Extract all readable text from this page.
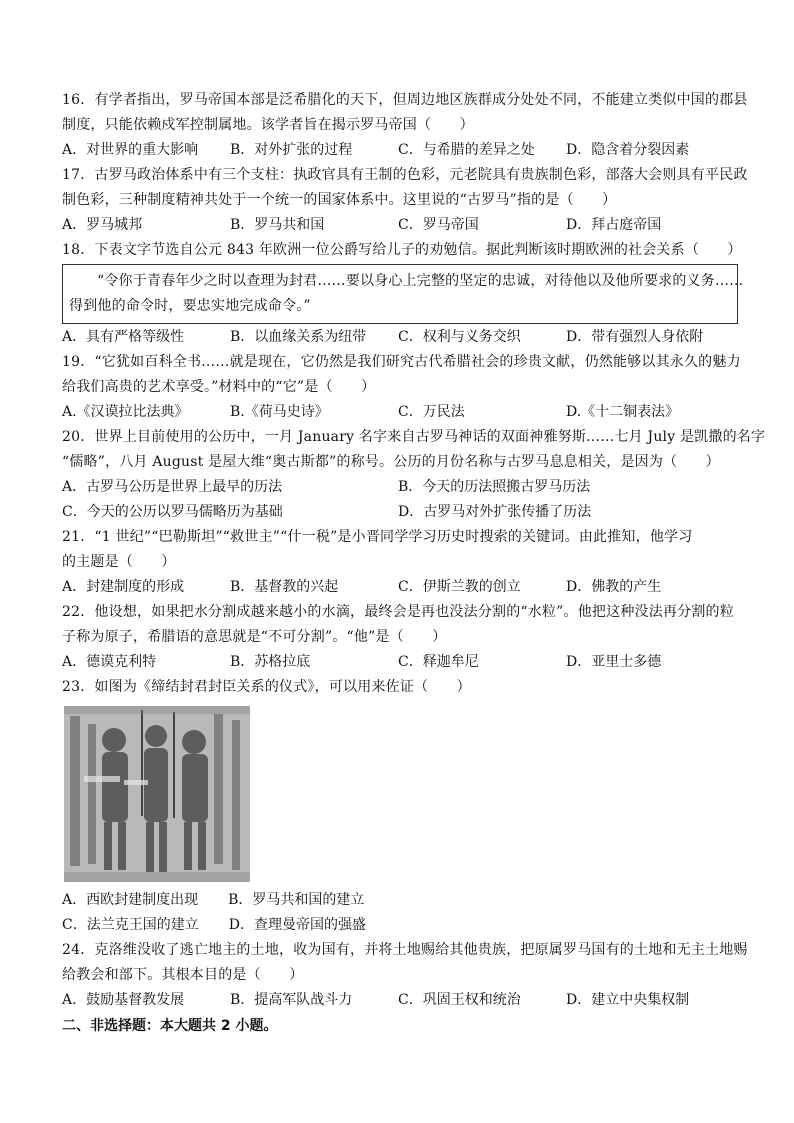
16．有学者指出，罗马帝国本部是泛希腊化的天下，但周边地区族群成分处处不同，不能建立类似中国的郡县
制度，只能依赖戍军控制属地。该学者旨在揭示罗马帝国（　　）
A．对世界的重大影响	B．对外扩张的过程	C．与希腊的差异之处	D．隐含着分裂因素
17．古罗马政治体系中有三个支柱：执政官具有王制的色彩，元老院具有贵族制色彩，部落大会则具有平民政
制色彩，三种制度精神共处于一个统一的国家体系中。这里说的“古罗马”指的是（　　）
A．罗马城邦	B．罗马共和国	C．罗马帝国	D．拜占庭帝国
18．下表文字节选自公元 843 年欧洲一位公爵写给儿子的劝勉信。据此判断该时期欧洲的社会关系（　　）
“令你于青春年少之时以查理为封君……要以身心上完整的坚定的忠诚，对待他以及他所要求的义务……
得到他的命令时，要忠实地完成命令。”
A．具有严格等级性	B．以血缘关系为纽带	C．权利与义务交织	D．带有强烈人身依附
19．“它犹如百科全书……就是现在，它仍然是我们研究古代希腊社会的珍贵文献，仍然能够以其永久的魅力
给我们高贵的艺术享受。”材料中的“它”是（　　）
A.《汉谟拉比法典》	B.《荷马史诗》	C．万民法	D.《十二铜表法》
20．世界上目前使用的公历中，一月 January 名字来自古罗马神话的双面神雅努斯……七月 July 是凯撒的名字
“儒略”，八月 August 是屋大维“奥古斯都”的称号。公历的月份名称与古罗马息息相关，是因为（　　）
A．古罗马公历是世界上最早的历法	B．今天的历法照搬古罗马历法
C．今天的公历以罗马儒略历为基础	D．古罗马对外扩张传播了历法
21．“1 世纪”“巴勒斯坦”“救世主”“什一税”是小晋同学学习历史时搜索的关键词。由此推知，他学习
的主题是（　　）
A．封建制度的形成	B．基督教的兴起	C．伊斯兰教的创立	D．佛教的产生
22．他设想，如果把水分割成越来越小的水滴，最终会是再也没法分割的“水粒”。他把这种没法再分割的粒
子称为原子，希腊语的意思就是“不可分割”。“他”是（　　）
A．德谟克利特	B．苏格拉底	C．释迦牟尼	D．亚里士多德
23．如图为《缔结封君封臣关系的仪式》，可以用来佐证（　　）
A．西欧封建制度出现 B．罗马共和国的建立
C．法兰克王国的建立 D．查理曼帝国的强盛
24．克洛维没收了逃亡地主的土地，收为国有，并将土地赐给其他贵族，把原属罗马国有的土地和无主土地赐
给教会和部下。其根本目的是（　　）
A．鼓励基督教发展	B．提高军队战斗力	C．巩固王权和统治	D．建立中央集权制
二、非选择题：本大题共 2 小题。
